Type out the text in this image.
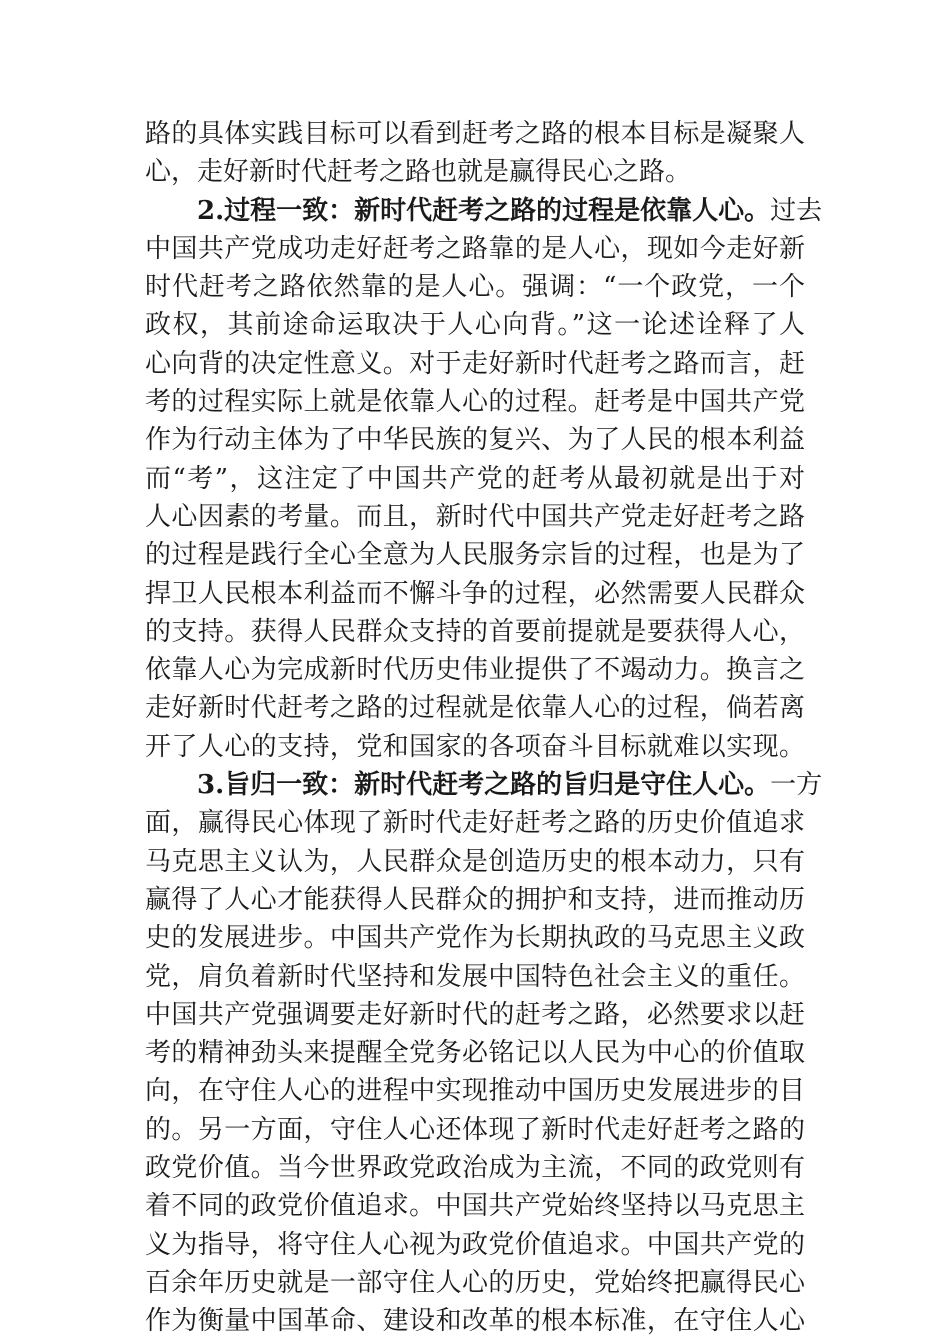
路的具体实践目标可以看到赶考之路的根本目标是凝聚人
心，走好新时代赶考之路也就是赢得民心之路。
2.过程一致：新时代赶考之路的过程是依靠人心。过去
中国共产党成功走好赶考之路靠的是人心，现如今走好新
时代赶考之路依然靠的是人心。强调：“一个政党，一个
政权，其前途命运取决于人心向背。”这一论述诠释了人
心向背的决定性意义。对于走好新时代赶考之路而言，赶
考的过程实际上就是依靠人心的过程。赶考是中国共产党
作为行动主体为了中华民族的复兴、为了人民的根本利益
而“考”，这注定了中国共产党的赶考从最初就是出于对
人心因素的考量。而且，新时代中国共产党走好赶考之路
的过程是践行全心全意为人民服务宗旨的过程，也是为了
捍卫人民根本利益而不懈斗争的过程，必然需要人民群众
的支持。获得人民群众支持的首要前提就是要获得人心，
依靠人心为完成新时代历史伟业提供了不竭动力。换言之
走好新时代赶考之路的过程就是依靠人心的过程，倘若离
开了人心的支持，党和国家的各项奋斗目标就难以实现。
3.旨归一致：新时代赶考之路的旨归是守住人心。一方
面，赢得民心体现了新时代走好赶考之路的历史价值追求
马克思主义认为，人民群众是创造历史的根本动力，只有
赢得了人心才能获得人民群众的拥护和支持，进而推动历
史的发展进步。中国共产党作为长期执政的马克思主义政
党，肩负着新时代坚持和发展中国特色社会主义的重任。
中国共产党强调要走好新时代的赶考之路，必然要求以赶
考的精神劲头来提醒全党务必铭记以人民为中心的价值取
向，在守住人心的进程中实现推动中国历史发展进步的目
的。另一方面，守住人心还体现了新时代走好赶考之路的
政党价值。当今世界政党政治成为主流，不同的政党则有
着不同的政党价值追求。中国共产党始终坚持以马克思主
义为指导，将守住人心视为政党价值追求。中国共产党的
百余年历史就是一部守住人心的历史，党始终把赢得民心
作为衡量中国革命、建设和改革的根本标准，在守住人心
